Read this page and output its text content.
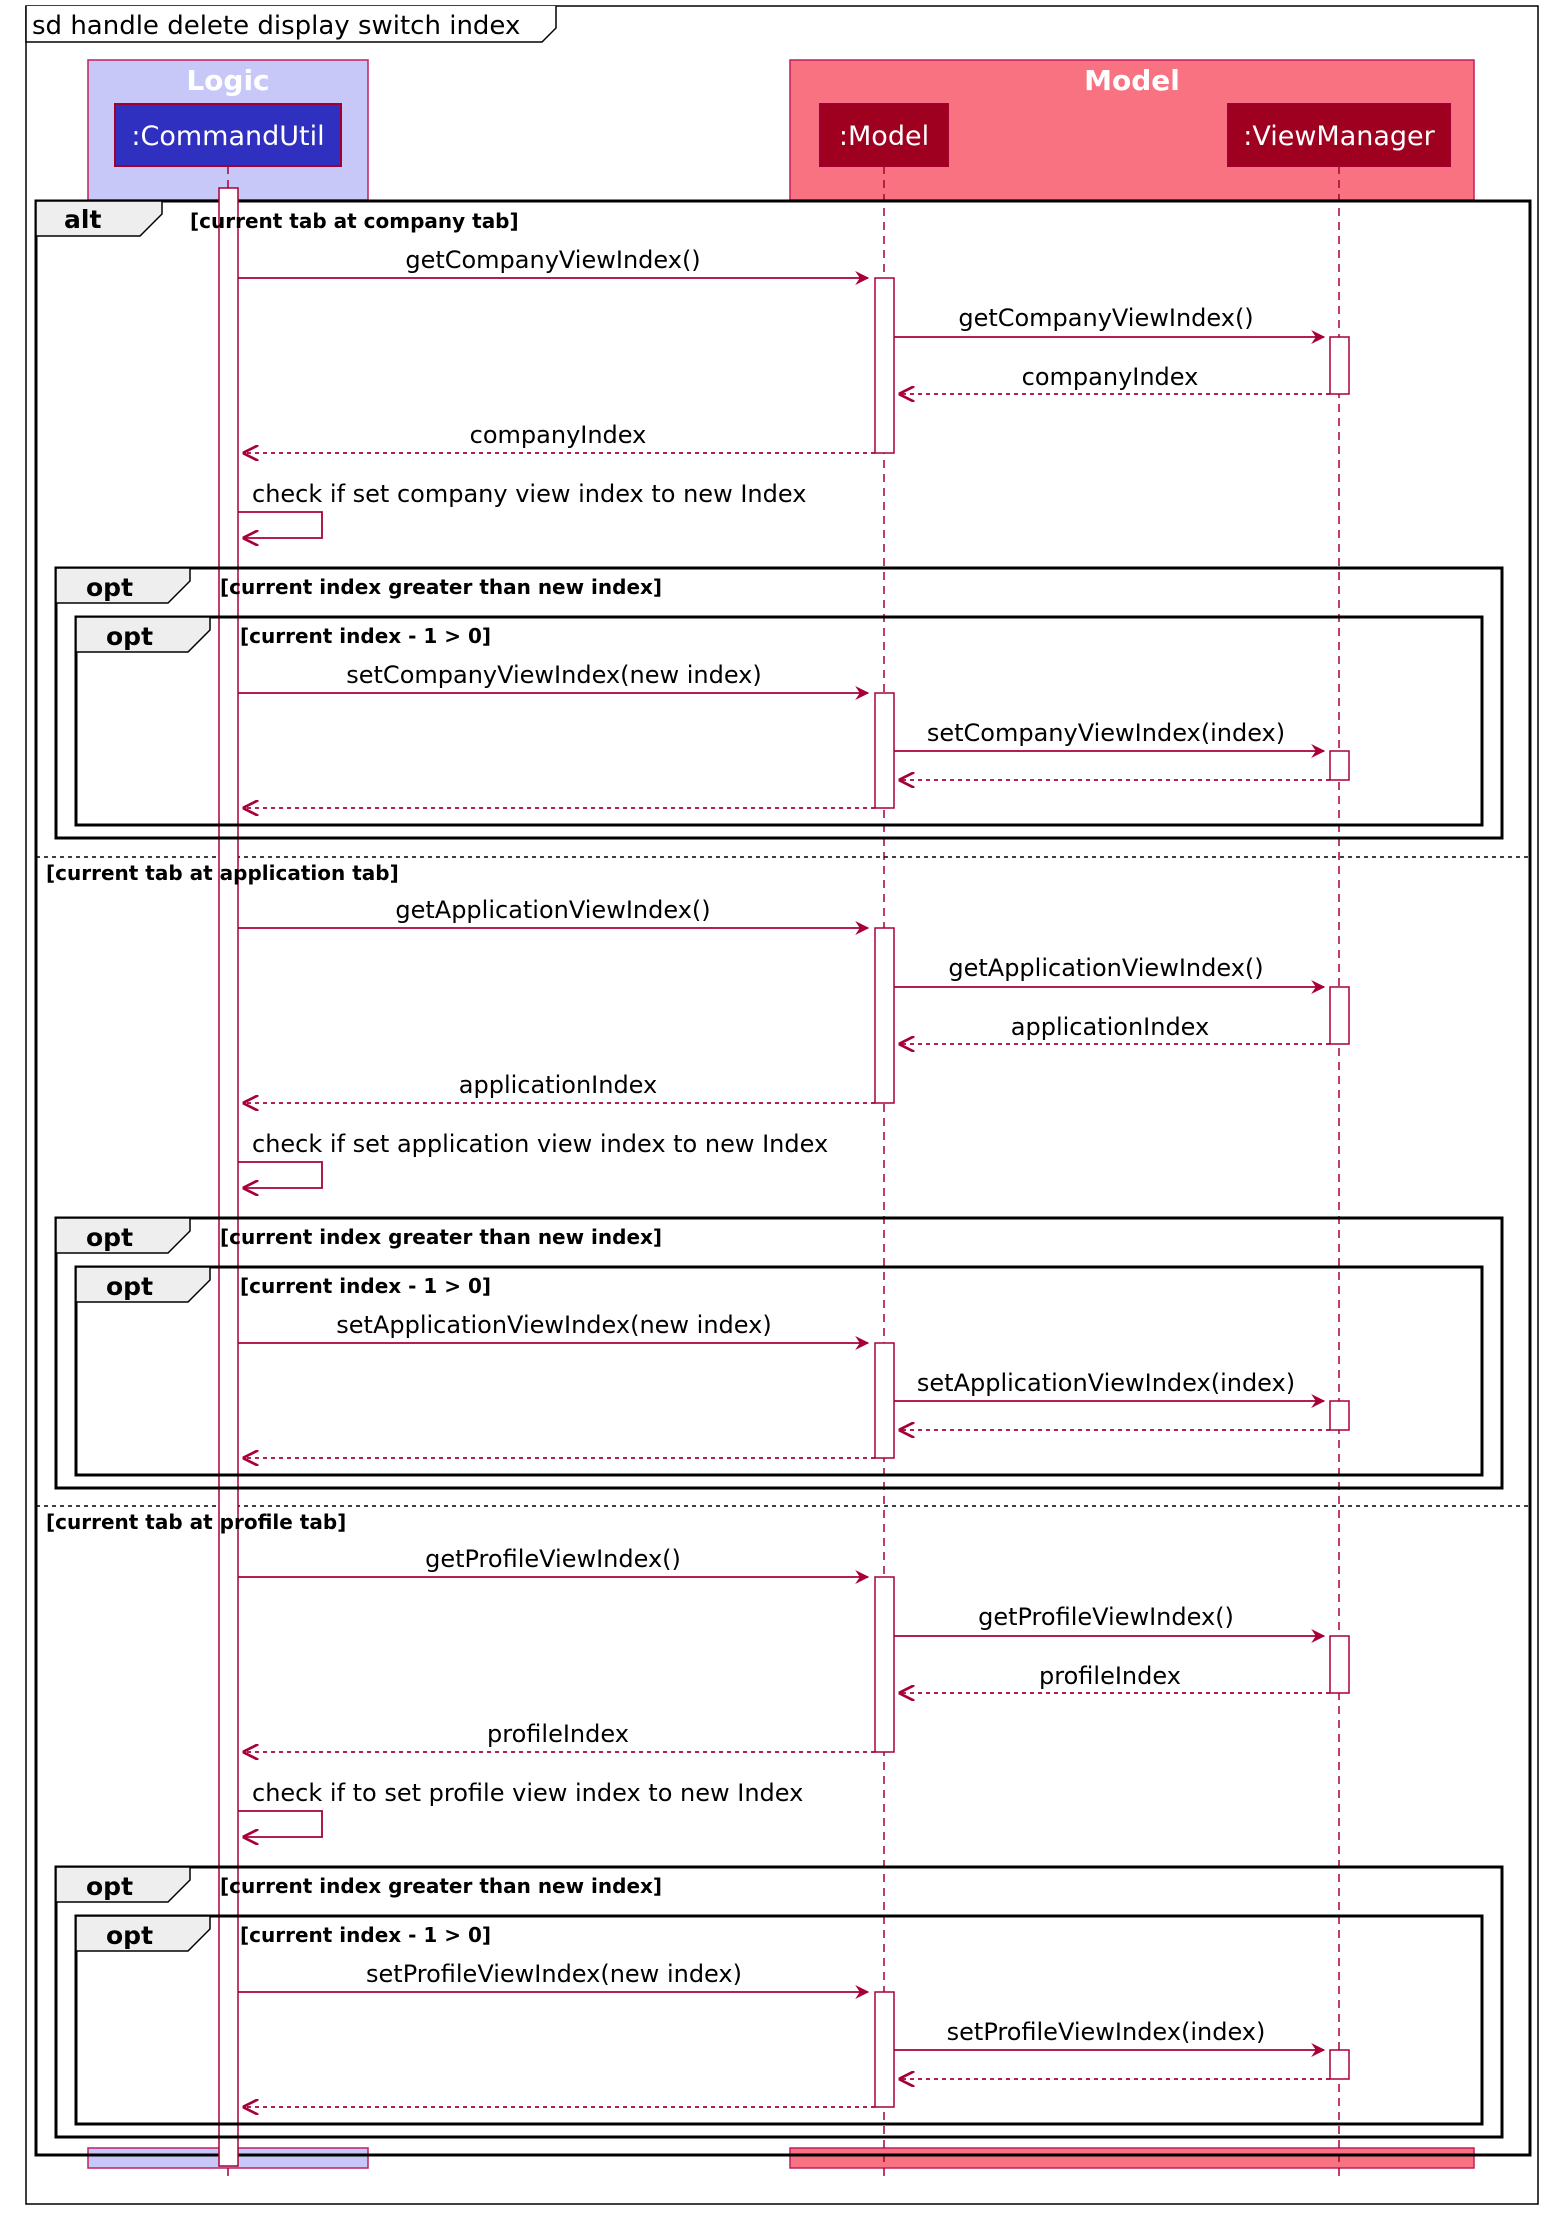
sd handle delete display switch index
Logic	Model
:CommandUtil	:Model	:ViewManager
alt	[current tab at company tab]
getCompanyViewIndex()
getCompanyViewIndex()
companyIndex
companyIndex
check if set company view index to new Index
opt	[current index greater than new index]
opt	[current index - 1 > 0]
setCompanyViewIndex(new index)
setCompanyViewIndex(index)
[current tab at application tab]
getApplicationViewIndex()
getApplicationViewIndex()
applicationIndex
applicationIndex
check if set application view index to new Index
opt	[current index greater than new index]
opt	[current index - 1 > 0]
setApplicationViewIndex(new index)
setApplicationViewIndex(index)
[current tab at profile tab]
getProfileViewIndex()
getProfileViewIndex()
profileIndex
profileIndex
check if to set profile view index to new Index
opt	[current index greater than new index]
opt	[current index - 1 > 0]
setProfileViewIndex(new index)
setProfileViewIndex(index)
